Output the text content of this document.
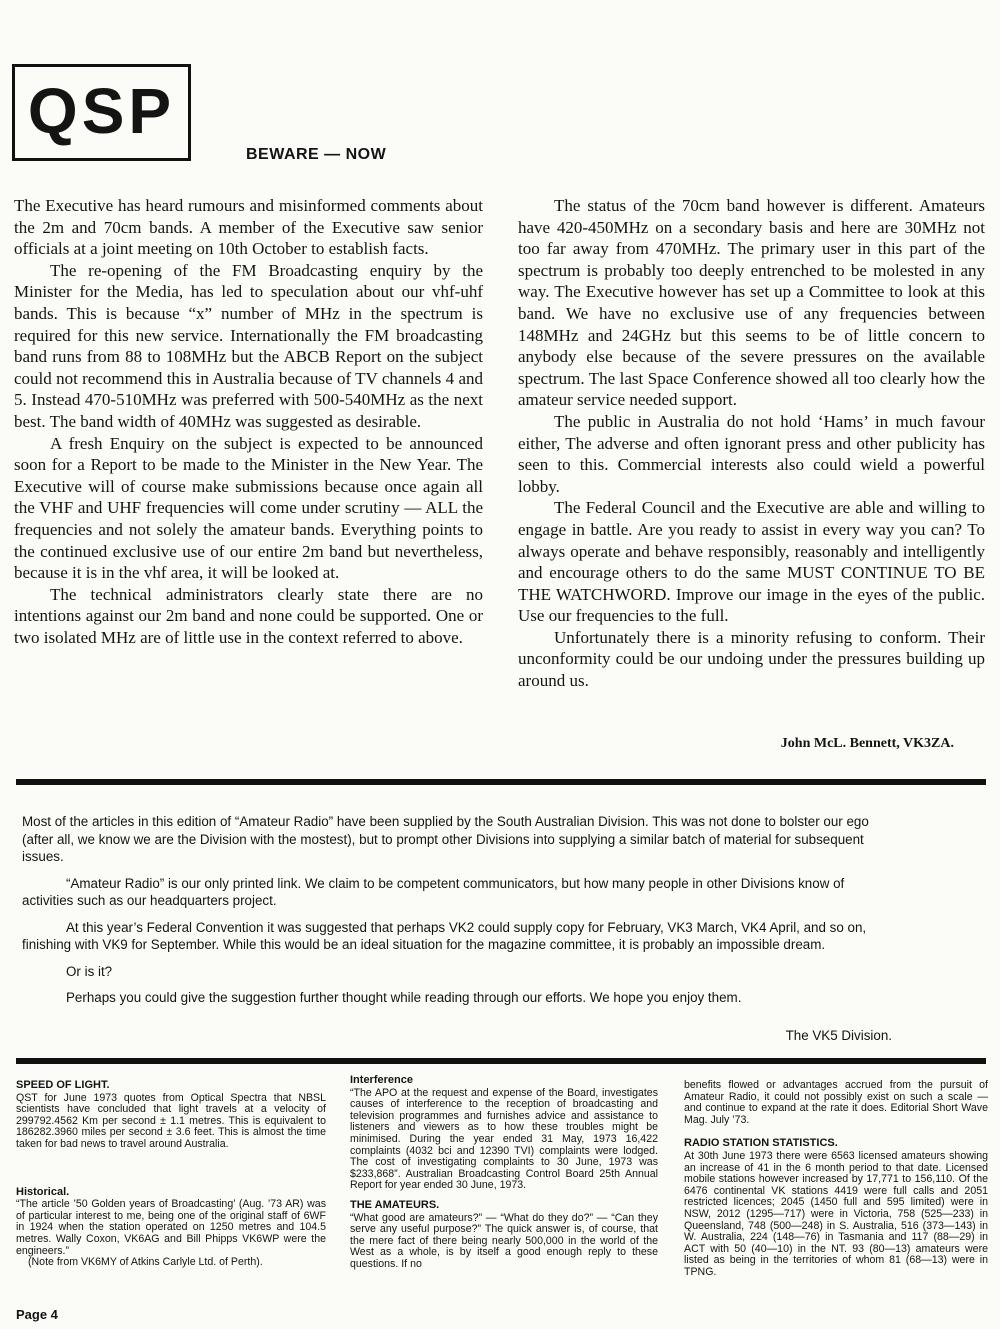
QSP
BEWARE — NOW

The Executive has heard rumours and misinformed comments about the 2m and 70cm bands. A member of the Executive saw senior officials at a joint meeting on 10th October to establish facts.

The re-opening of the FM Broadcasting enquiry by the Minister for the Media, has led to speculation about our vhf-uhf bands. This is because “x” number of MHz in the spectrum is required for this new service. Internationally the FM broadcasting band runs from 88 to 108MHz but the ABCB Report on the subject could not recommend this in Australia because of TV channels 4 and 5. Instead 470-510MHz was preferred with 500-540MHz as the next best. The band width of 40MHz was suggested as desirable.

A fresh Enquiry on the subject is expected to be announced soon for a Report to be made to the Minister in the New Year. The Executive will of course make submissions because once again all the VHF and UHF frequencies will come under scrutiny — ALL the frequencies and not solely the amateur bands. Everything points to the continued exclusive use of our entire 2m band but nevertheless, because it is in the vhf area, it will be looked at.

The technical administrators clearly state there are no intentions against our 2m band and none could be supported. One or two isolated MHz are of little use in the context referred to above.

The status of the 70cm band however is different. Amateurs have 420-450MHz on a secondary basis and here are 30MHz not too far away from 470MHz. The primary user in this part of the spectrum is probably too deeply entrenched to be molested in any way. The Executive however has set up a Committee to look at this band. We have no exclusive use of any frequencies between 148MHz and 24GHz but this seems to be of little concern to anybody else because of the severe pressures on the available spectrum. The last Space Conference showed all too clearly how the amateur service needed support.

The public in Australia do not hold ‘Hams’ in much favour either, The adverse and often ignorant press and other publicity has seen to this. Commercial interests also could wield a powerful lobby.

The Federal Council and the Executive are able and willing to engage in battle. Are you ready to assist in every way you can? To always operate and behave responsibly, reasonably and intelligently and encourage others to do the same MUST CONTINUE TO BE THE WATCHWORD. Improve our image in the eyes of the public. Use our frequencies to the full.

Unfortunately there is a minority refusing to conform. Their unconformity could be our undoing under the pressures building up around us.

John McL. Bennett, VK3ZA.

Most of the articles in this edition of “Amateur Radio” have been supplied by the South Australian Division. This was not done to bolster our ego (after all, we know we are the Division with the mostest), but to prompt other Divisions into supplying a similar batch of material for subsequent issues.

“Amateur Radio” is our only printed link. We claim to be competent communicators, but how many people in other Divisions know of activities such as our headquarters project.

At this year’s Federal Convention it was suggested that perhaps VK2 could supply copy for February, VK3 March, VK4 April, and so on, finishing with VK9 for September. While this would be an ideal situation for the magazine committee, it is probably an impossible dream.

Or is it?

Perhaps you could give the suggestion further thought while reading through our efforts. We hope you enjoy them.

The VK5 Division.
SPEED OF LIGHT.

QST for June 1973 quotes from Optical Spectra that NBSL scientists have concluded that light travels at a velocity of 299792.4562 Km per second ± 1.1 metres. This is equivalent to 186282.3960 miles per second ± 3.6 feet. This is almost the time taken for bad news to travel around Australia.

Historical.

“The article ’50 Golden years of Broadcasting’ (Aug. ’73 AR) was of particular interest to me, being one of the original staff of 6WF in 1924 when the station operated on 1250 metres and 104.5 metres. Wally Coxon, VK6AG and Bill Phipps VK6WP were the engineers.”

(Note from VK6MY of Atkins Carlyle Ltd. of Perth).

Interference

“The APO at the request and expense of the Board, investigates causes of interference to the reception of broadcasting and television programmes and furnishes advice and assistance to listeners and viewers as to how these troubles might be minimised. During the year ended 31 May, 1973 16,422 complaints (4032 bci and 12390 TVI) complaints were lodged. The cost of investigating complaints to 30 June, 1973 was $233,868”. Australian Broadcasting Control Board 25th Annual Report for year ended 30 June, 1973.

THE AMATEURS.

“What good are amateurs?” — “What do they do?” — “Can they serve any useful purpose?” The quick answer is, of course, that the mere fact of there being nearly 500,000 in the world of the West as a whole, is by itself a good enough reply to these questions. If no

benefits flowed or advantages accrued from the pursuit of Amateur Radio, it could not possibly exist on such a scale — and continue to expand at the rate it does. Editorial Short Wave Mag. July ’73.

RADIO STATION STATISTICS.

At 30th June 1973 there were 6563 licensed amateurs showing an increase of 41 in the 6 month period to that date. Licensed mobile stations however increased by 17,771 to 156,110. Of the 6476 continental VK stations 4419 were full calls and 2051 restricted licences; 2045 (1450 full and 595 limited) were in NSW, 2012 (1295—717) were in Victoria, 758 (525—233) in Queensland, 748 (500—248) in S. Australia, 516 (373—143) in W. Australia, 224 (148—76) in Tasmania and 117 (88—29) in ACT with 50 (40—10) in the NT. 93 (80—13) amateurs were listed as being in the territories of whom 81 (68—13) were in TPNG.

Page 4
